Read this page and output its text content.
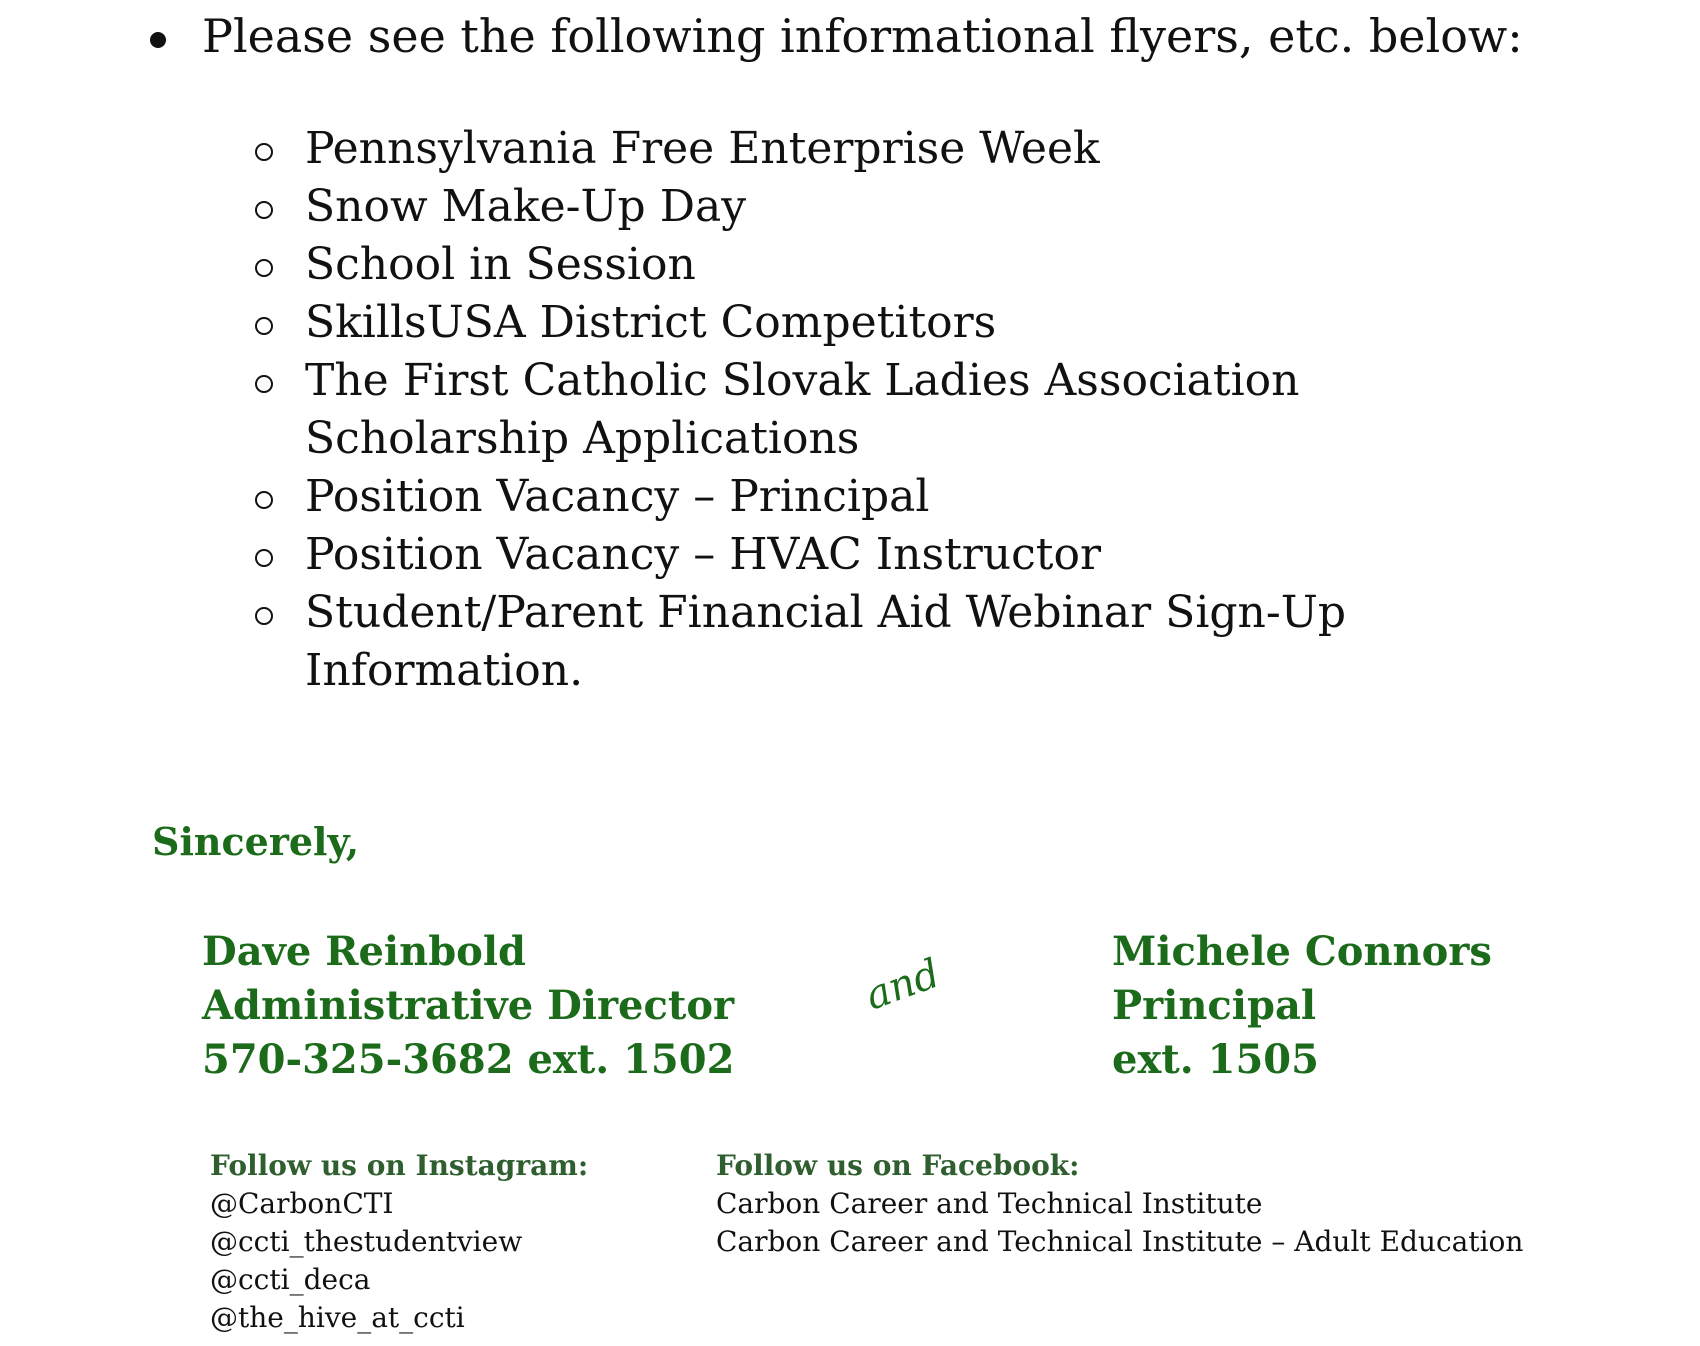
Please see the following informational flyers, etc. below:
Pennsylvania Free Enterprise Week
Snow Make-Up Day
School in Session
SkillsUSA District Competitors
The First Catholic Slovak Ladies Association Scholarship Applications
Position Vacancy – Principal
Position Vacancy – HVAC Instructor
Student/Parent Financial Aid Webinar Sign-Up Information.
Sincerely,
Dave Reinbold
Administrative Director
570-325-3682 ext. 1502
and	Michele Connors
Principal
ext. 1505
Follow us on Instagram:
@CarbonCTI
@ccti_thestudentview
@ccti_deca
@the_hive_at_ccti
Follow us on Facebook:
Carbon Career and Technical Institute
Carbon Career and Technical Institute – Adult Education
